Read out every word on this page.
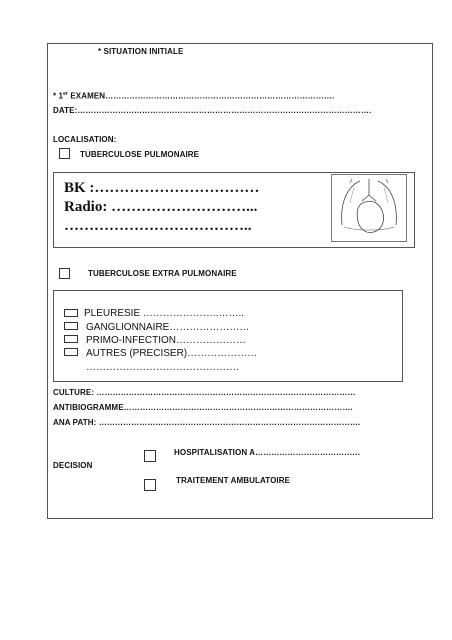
* SITUATION INITIALE
* 1er EXAMEN………………………………………………………………………….
DATE:……………………………………………………………………………………………….
LOCALISATION:
TUBERCULOSE PULMONAIRE
BK :……………………………
Radio: ………………………...
………………………………..
TUBERCULOSE EXTRA PULMONAIRE
PLEURESIE …………………..……..
GANGLIONNAIRE……………………
PRIMO-INFECTION…………………
AUTRES (PRECISER)…………………
……………………………………….
CULTURE: ……………………………………………………………………………………
ANTIBIOGRAMME………………………………………………………………………….
ANA PATH: …………………………………………………………………………………….
HOSPITALISATION A…………………………………
DECISION
TRAITEMENT AMBULATOIRE
